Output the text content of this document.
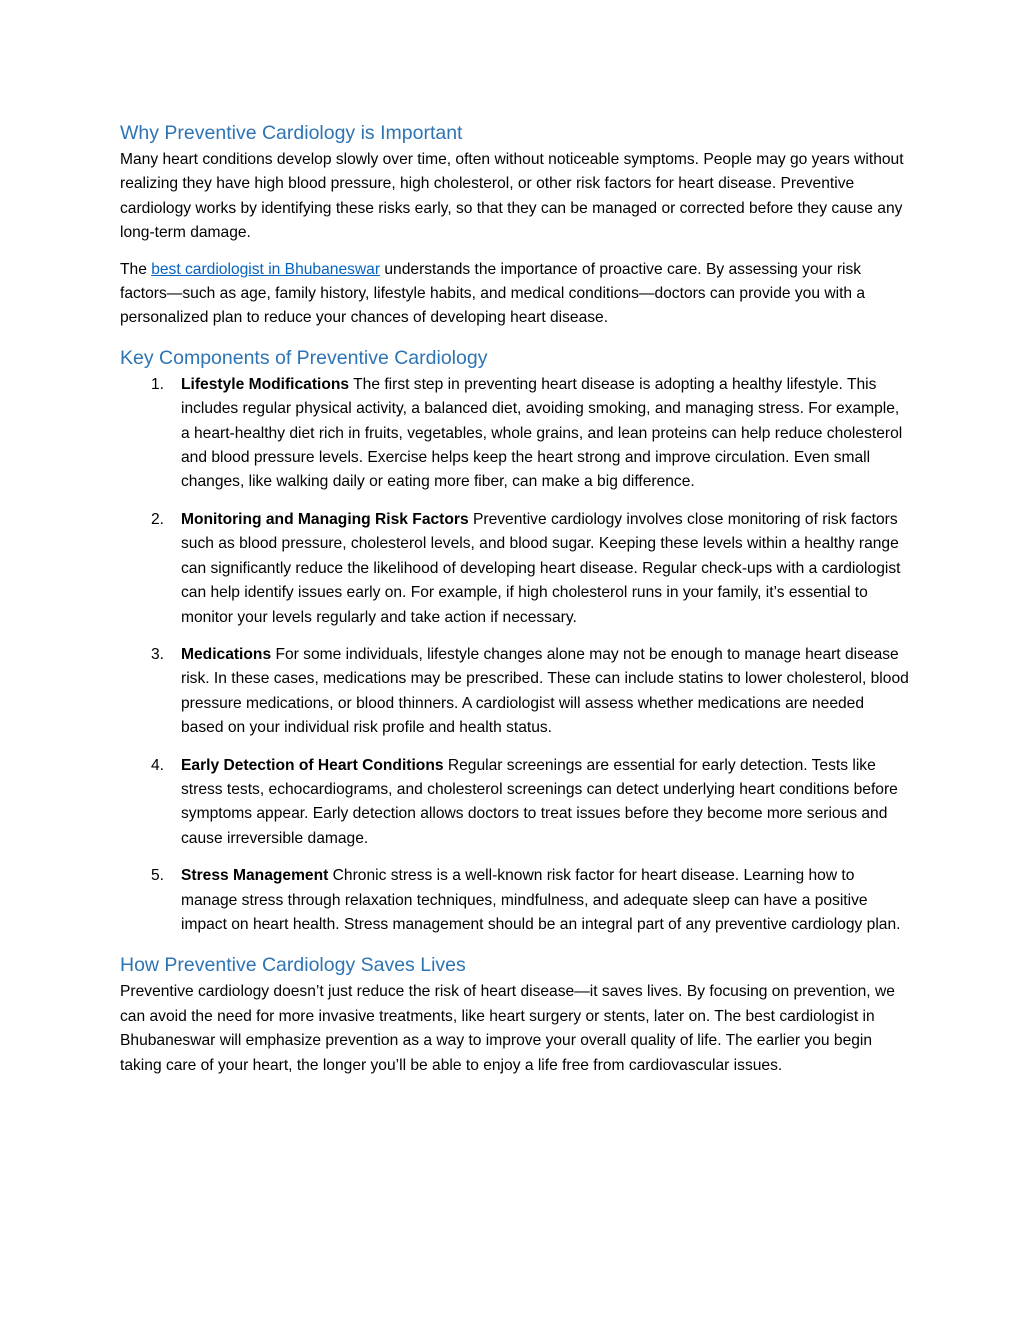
Why Preventive Cardiology is Important

Many heart conditions develop slowly over time, often without noticeable symptoms. People may go years without realizing they have high blood pressure, high cholesterol, or other risk factors for heart disease. Preventive cardiology works by identifying these risks early, so that they can be managed or corrected before they cause any long-term damage.

The best cardiologist in Bhubaneswar understands the importance of proactive care. By assessing your risk factors—such as age, family history, lifestyle habits, and medical conditions—doctors can provide you with a personalized plan to reduce your chances of developing heart disease.

Key Components of Preventive Cardiology
1. Lifestyle Modifications The first step in preventing heart disease is adopting a healthy lifestyle. This includes regular physical activity, a balanced diet, avoiding smoking, and managing stress. For example, a heart-healthy diet rich in fruits, vegetables, whole grains, and lean proteins can help reduce cholesterol and blood pressure levels. Exercise helps keep the heart strong and improve circulation. Even small changes, like walking daily or eating more fiber, can make a big difference.
2. Monitoring and Managing Risk Factors Preventive cardiology involves close monitoring of risk factors such as blood pressure, cholesterol levels, and blood sugar. Keeping these levels within a healthy range can significantly reduce the likelihood of developing heart disease. Regular check-ups with a cardiologist can help identify issues early on. For example, if high cholesterol runs in your family, it’s essential to monitor your levels regularly and take action if necessary.
3. Medications For some individuals, lifestyle changes alone may not be enough to manage heart disease risk. In these cases, medications may be prescribed. These can include statins to lower cholesterol, blood pressure medications, or blood thinners. A cardiologist will assess whether medications are needed based on your individual risk profile and health status.
4. Early Detection of Heart Conditions Regular screenings are essential for early detection. Tests like stress tests, echocardiograms, and cholesterol screenings can detect underlying heart conditions before symptoms appear. Early detection allows doctors to treat issues before they become more serious and cause irreversible damage.
5. Stress Management Chronic stress is a well-known risk factor for heart disease. Learning how to manage stress through relaxation techniques, mindfulness, and adequate sleep can have a positive impact on heart health. Stress management should be an integral part of any preventive cardiology plan.
How Preventive Cardiology Saves Lives

Preventive cardiology doesn’t just reduce the risk of heart disease—it saves lives. By focusing on prevention, we can avoid the need for more invasive treatments, like heart surgery or stents, later on. The best cardiologist in Bhubaneswar will emphasize prevention as a way to improve your overall quality of life. The earlier you begin taking care of your heart, the longer you’ll be able to enjoy a life free from cardiovascular issues.
